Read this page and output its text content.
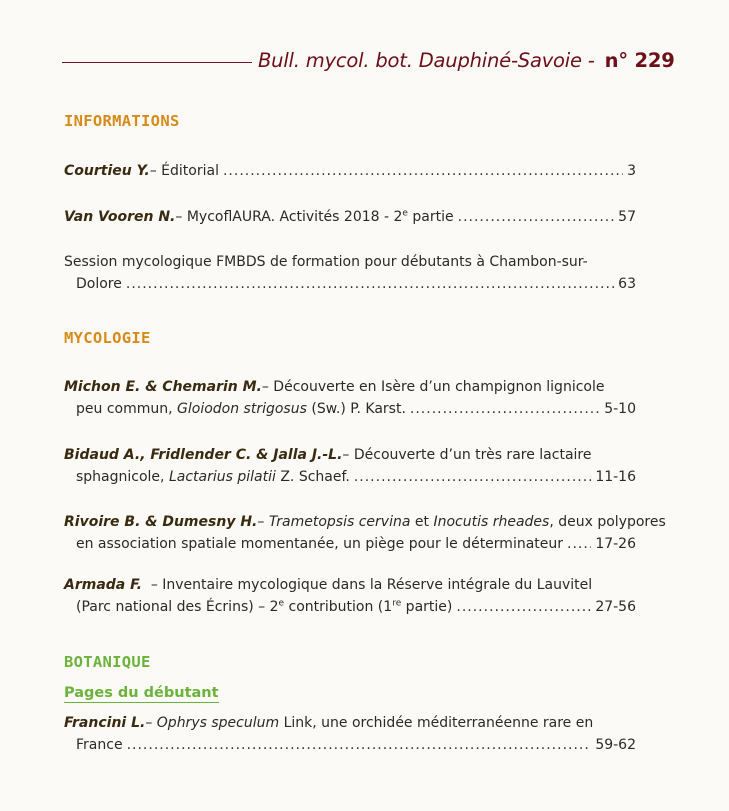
Bull. mycol. bot. Dauphiné-Savoie - n° 229
INFORMATIONS
Courtieu Y. – Éditorial .....	3
Van Vooren N. – MycoflAURA. Activités 2018 - 2e partie .....	57
Session mycologique FMBDS de formation pour débutants à Chambon-sur-
Dolore .....	63
MYCOLOGIE
Michon E. & Chemarin M. – Découverte en Isère d’un champignon lignicole
peu commun, Gloiodon strigosus (Sw.) P. Karst. .....	5-10
Bidaud A., Fridlender C. & Jalla J.-L. – Découverte d’un très rare lactaire
sphagnicole, Lactarius pilatii Z. Schaef. .....	11-16
Rivoire B. & Dumesny H. – Trametopsis cervina et Inocutis rheades, deux polypores
en association spatiale momentanée, un piège pour le déterminateur ..... 17-26
Armada F. – Inventaire mycologique dans la Réserve intégrale du Lauvitel
(Parc national des Écrins) – 2e contribution (1re partie) .....	27-56
BOTANIQUE
Pages du débutant
Francini L. – Ophrys speculum Link, une orchidée méditerranéenne rare en
France .....	59-62
